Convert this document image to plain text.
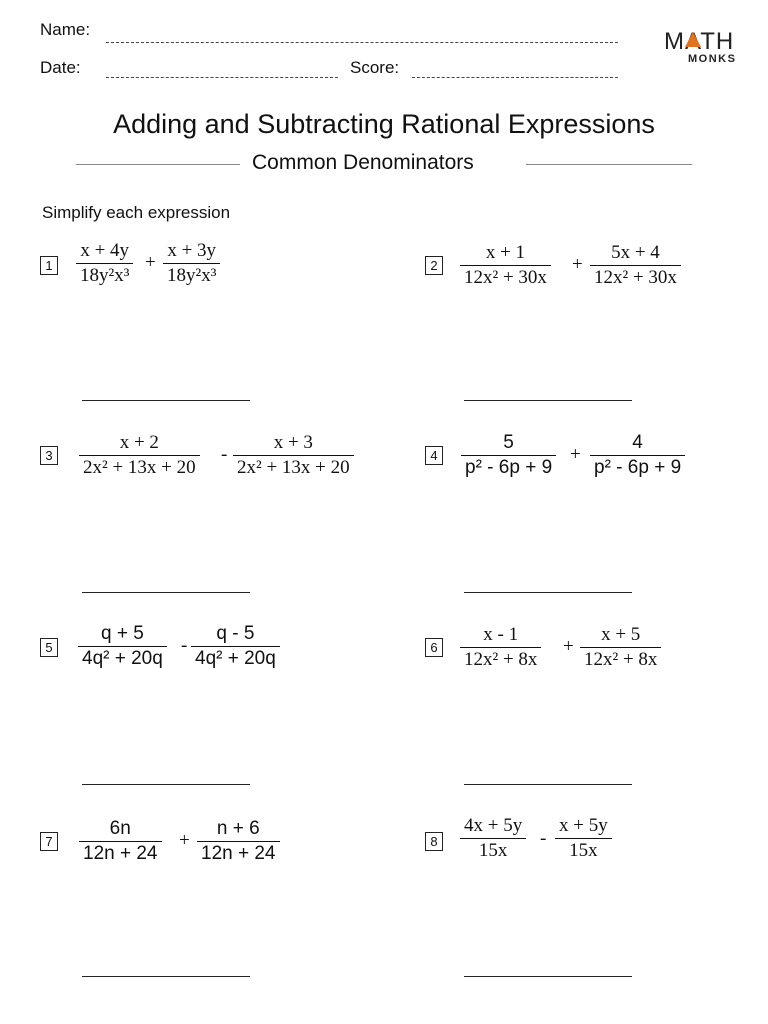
Name:
Date:	Score:
MATH
MONKS
Adding and Subtracting Rational Expressions
Common Denominators
Simplify each expression
1
x + 4y
18y²x³
+
x + 3y
18y²x³	2
x + 1
12x² + 30x
+
5x + 4
12x² + 30x
3
x + 2
2x² + 13x + 20
-
x + 3
2x² + 13x + 20
4
5
p² - 6p + 9
+
4
p² - 6p + 9
5
q + 5
4q² + 20q
-
q - 5
4q² + 20q
6
x - 1
12x² + 8x
+
x + 5
12x² + 8x
7
6n
12n + 24
+
n + 6
12n + 24
8
4x + 5y
15x
-
x + 5y
15x
